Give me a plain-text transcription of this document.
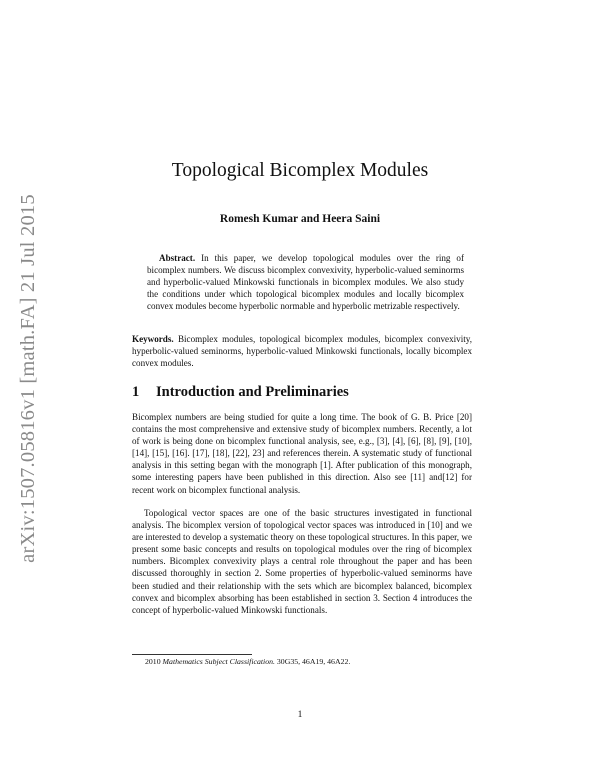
arXiv:1507.05816v1 [math.FA] 21 Jul 2015
Topological Bicomplex Modules
Romesh Kumar and Heera Saini

Abstract. In this paper, we develop topological modules over the ring of bicomplex numbers. We discuss bicomplex convexivity, hyperbolic-valued seminorms and hyperbolic-valued Minkowski functionals in bicomplex modules. We also study the conditions under which topological bicomplex modules and locally bicomplex convex modules become hyperbolic normable and hyperbolic metrizable respectively.

Keywords. Bicomplex modules, topological bicomplex modules, bicomplex convexivity, hyperbolic-valued seminorms, hyperbolic-valued Minkowski functionals, locally bicomplex convex modules.

1 Introduction and Preliminaries

Bicomplex numbers are being studied for quite a long time. The book of G. B. Price [20] contains the most comprehensive and extensive study of bicomplex numbers. Recently, a lot of work is being done on bicomplex functional analysis, see, e.g., [3], [4], [6], [8], [9], [10], [14], [15], [16]. [17], [18], [22], 23] and references therein. A systematic study of functional analysis in this setting began with the monograph [1]. After publication of this monograph, some interesting papers have been published in this direction. Also see [11] and[12] for recent work on bicomplex functional analysis.

Topological vector spaces are one of the basic structures investigated in functional analysis. The bicomplex version of topological vector spaces was introduced in [10] and we are interested to develop a systematic theory on these topological structures. In this paper, we present some basic concepts and results on topological modules over the ring of bicomplex numbers. Bicomplex convexivity plays a central role throughout the paper and has been discussed thoroughly in section 2. Some properties of hyperbolic-valued seminorms have been studied and their relationship with the sets which are bicomplex balanced, bicomplex convex and bicomplex absorbing has been established in section 3. Section 4 introduces the concept of hyperbolic-valued Minkowski functionals.

2010 Mathematics Subject Classification. 30G35, 46A19, 46A22.

1
